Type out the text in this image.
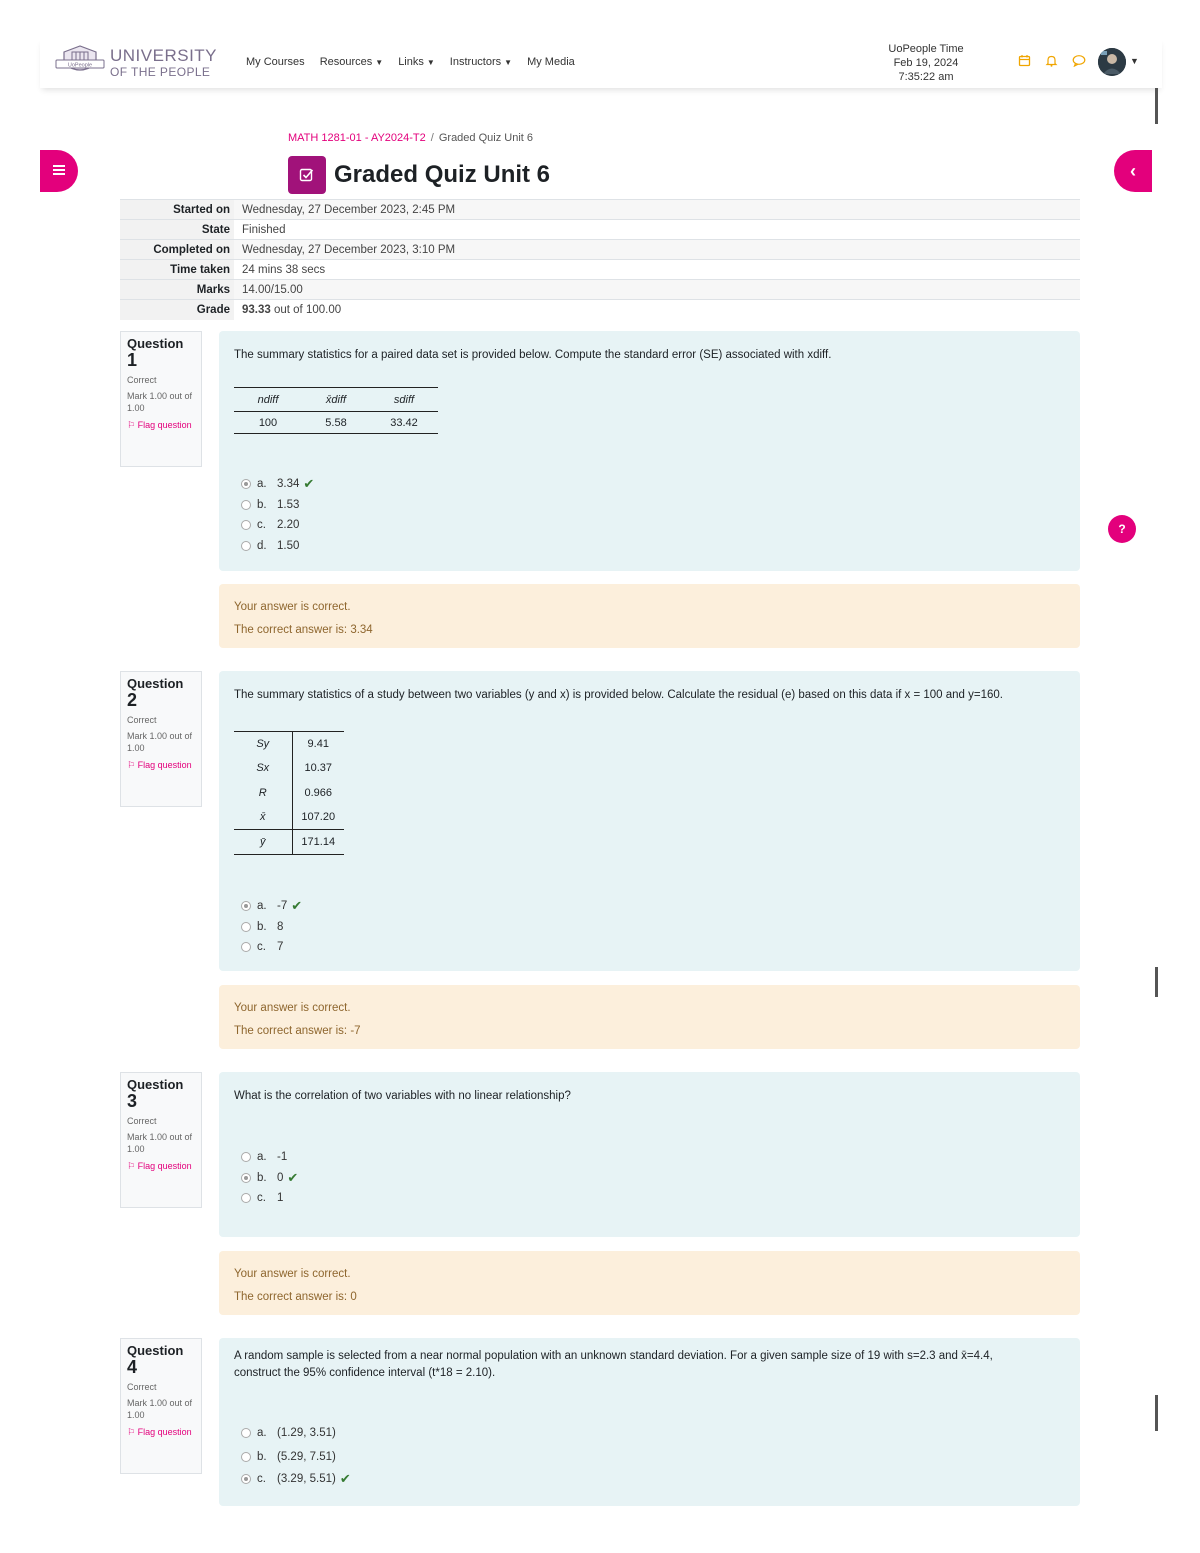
UoPeople
UNIVERSITY
OF THE PEOPLE
My Courses Resources ▼ Links ▼ Instructors ▼ My Media
UoPeople Time
Feb 19, 2024
7:35:22 am
▼
‹
?
MATH 1281-01 - AY2024-T2 / Graded Quiz Unit 6
Graded Quiz Unit 6
Started on	Wednesday, 27 December 2023, 2:45 PM
State	Finished
Completed on	Wednesday, 27 December 2023, 3:10 PM
Time taken	24 mins 38 secs
Marks	14.00/15.00
Grade	93.33 out of 100.00
Question
1
Correct
Mark 1.00 out of 1.00
⚐ Flag question
The summary statistics for a paired data set is provided below. Compute the standard error (SE) associated with xdiff.
ndiff	x̄diff	sdiff
100	5.58	33.42
a. 3.34 ✔
b. 1.53
c. 2.20
d. 1.50

Your answer is correct.

The correct answer is: 3.34

Question
2
Correct
Mark 1.00 out of 1.00
⚐ Flag question
The summary statistics of a study between two variables (y and x) is provided below. Calculate the residual (e) based on this data if x = 100 and y=160.
Sy	9.41
Sx	10.37
R	0.966
x̄	107.20
ȳ	171.14
a. -7 ✔
b. 8
c. 7

Your answer is correct.

The correct answer is: -7

Question
3
Correct
Mark 1.00 out of 1.00
⚐ Flag question
What is the correlation of two variables with no linear relationship?
a. -1
b. 0 ✔
c. 1

Your answer is correct.

The correct answer is: 0

Question
4
Correct
Mark 1.00 out of 1.00
⚐ Flag question
A random sample is selected from a near normal population with an unknown standard deviation. For a given sample size of 19 with s=2.3 and x̄=4.4,
construct the 95% confidence interval (t*18 = 2.10).
a. (1.29, 3.51)
b. (5.29, 7.51)
c. (3.29, 5.51) ✔
